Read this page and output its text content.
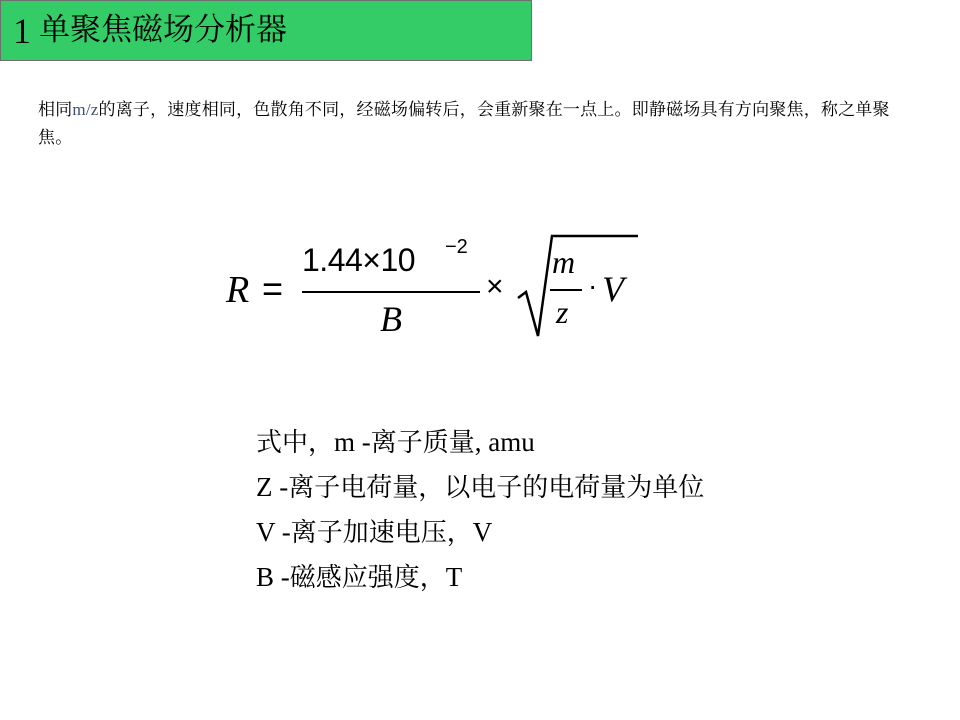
1 单聚焦磁场分析器
相同m/z的离子，速度相同，色散角不同，经磁场偏转后，会重新聚在一点上。即静磁场具有方向聚焦，称之单聚焦。
R =
1.44×10 −2
B
×
m
z
· V
式中，m -离子质量, amu
Z -离子电荷量，以电子的电荷量为单位
V -离子加速电压，V
B -磁感应强度，T
